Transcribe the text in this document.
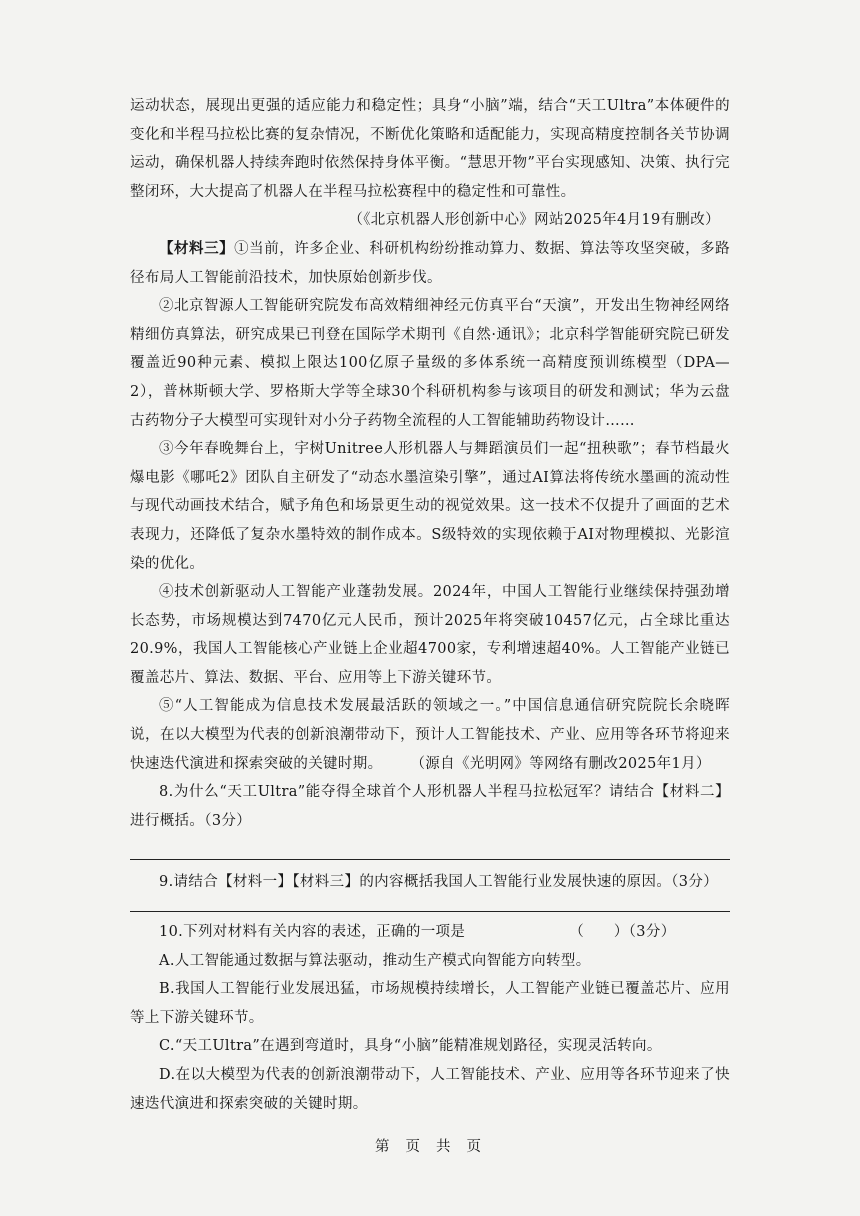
运动状态，展现出更强的适应能力和稳定性；具身“小脑”端，结合“天工Ultra”本体硬件的变化和半程马拉松比赛的复杂情况，不断优化策略和适配能力，实现高精度控制各关节协调运动，确保机器人持续奔跑时依然保持身体平衡。“慧思开物”平台实现感知、决策、执行完整闭环，大大提高了机器人在半程马拉松赛程中的稳定性和可靠性。

（《北京机器人形创新中心》网站2025年4月19有删改）

【材料三】①当前，许多企业、科研机构纷纷推动算力、数据、算法等攻坚突破，多路径布局人工智能前沿技术，加快原始创新步伐。

②北京智源人工智能研究院发布高效精细神经元仿真平台“天演”，开发出生物神经网络精细仿真算法，研究成果已刊登在国际学术期刊《自然·通讯》；北京科学智能研究院已研发覆盖近90种元素、模拟上限达100亿原子量级的多体系统一高精度预训练模型（DPA—2），普林斯顿大学、罗格斯大学等全球30个科研机构参与该项目的研发和测试；华为云盘古药物分子大模型可实现针对小分子药物全流程的人工智能辅助药物设计……

③今年春晚舞台上，宇树Unitree人形机器人与舞蹈演员们一起“扭秧歌”；春节档最火爆电影《哪吒2》团队自主研发了“动态水墨渲染引擎”，通过AI算法将传统水墨画的流动性与现代动画技术结合，赋予角色和场景更生动的视觉效果。这一技术不仅提升了画面的艺术表现力，还降低了复杂水墨特效的制作成本。S级特效的实现依赖于AI对物理模拟、光影渲染的优化。

④技术创新驱动人工智能产业蓬勃发展。2024年，中国人工智能行业继续保持强劲增长态势，市场规模达到7470亿元人民币，预计2025年将突破10457亿元，占全球比重达20.9%，我国人工智能核心产业链上企业超4700家，专利增速超40%。人工智能产业链已覆盖芯片、算法、数据、平台、应用等上下游关键环节。

⑤“人工智能成为信息技术发展最活跃的领域之一。”中国信息通信研究院院长余晓晖说，在以大模型为代表的创新浪潮带动下，预计人工智能技术、产业、应用等各环节将迎来快速迭代演进和探索突破的关键时期。 （源自《光明网》等网络有删改2025年1月）

8.为什么“天工Ultra”能夺得全球首个人形机器人半程马拉松冠军？请结合【材料二】进行概括。（3分）

9.请结合【材料一】【材料三】的内容概括我国人工智能行业发展快速的原因。（3分）

10.下列对材料有关内容的表述，正确的一项是	（　　）（3分）

A.人工智能通过数据与算法驱动，推动生产模式向智能方向转型。

B.我国人工智能行业发展迅猛，市场规模持续增长，人工智能产业链已覆盖芯片、应用等上下游关键环节。

C.“天工Ultra”在遇到弯道时，具身“小脑”能精准规划路径，实现灵活转向。

D.在以大模型为代表的创新浪潮带动下，人工智能技术、产业、应用等各环节迎来了快速迭代演进和探索突破的关键时期。

第 页 共 页
